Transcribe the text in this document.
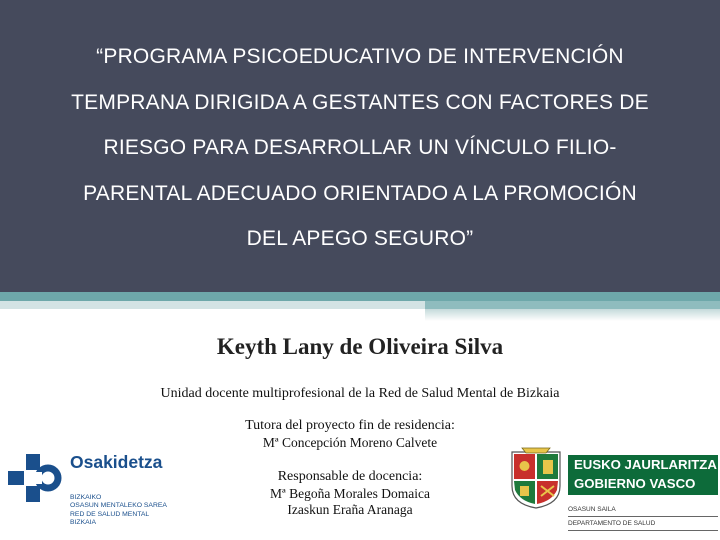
“PROGRAMA PSICOEDUCATIVO DE INTERVENCIÓN
TEMPRANA DIRIGIDA A GESTANTES CON FACTORES DE
RIESGO PARA DESARROLLAR UN VÍNCULO FILIO-
PARENTAL ADECUADO ORIENTADO A LA PROMOCIÓN
DEL APEGO SEGURO”
Keyth Lany de Oliveira Silva
Unidad docente multiprofesional de la Red de Salud Mental de Bizkaia
Tutora del proyecto fin de residencia:
Mª Concepción Moreno Calvete
Responsable de docencia:
Mª Begoña Morales Domaica
Izaskun Eraña Aranaga
Osakidetza
BIZKAIKO
OSASUN MENTALEKO SAREA
RED DE SALUD MENTAL
BIZKAIA
EUSKO JAURLARITZA
GOBIERNO VASCO
OSASUN SAILA
DEPARTAMENTO DE SALUD
